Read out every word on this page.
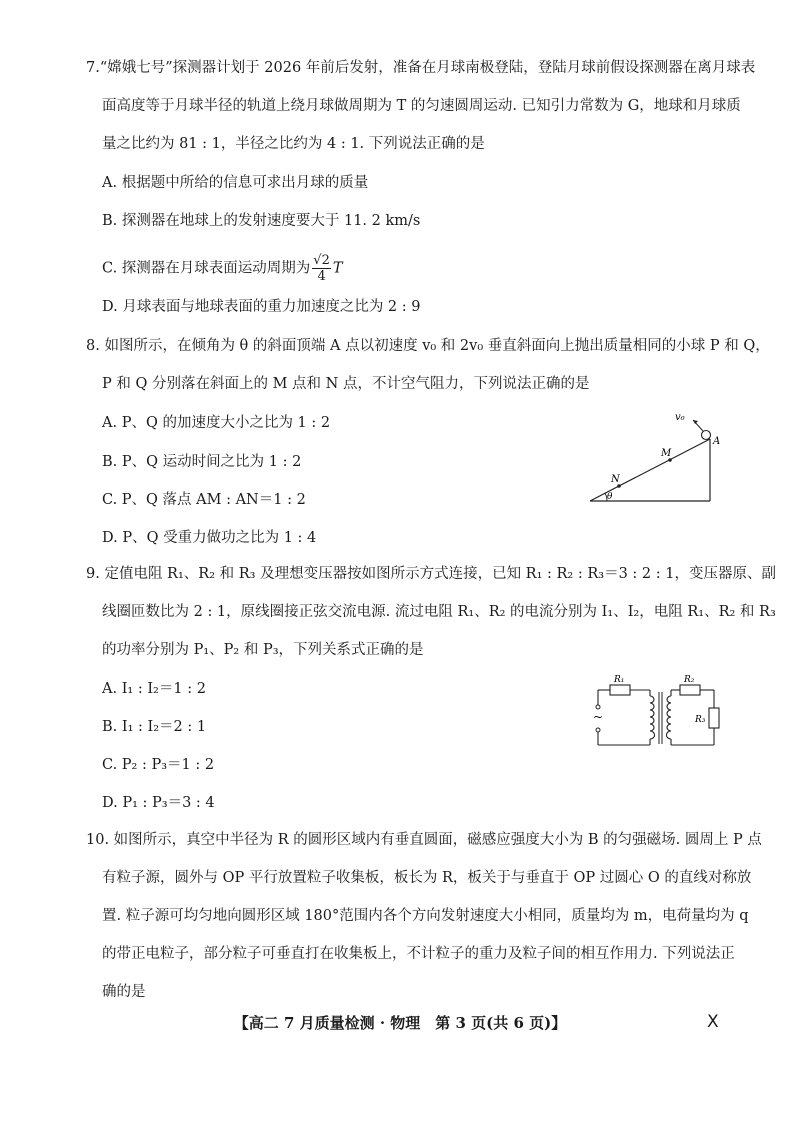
7.“嫦娥七号”探测器计划于 2026 年前后发射，准备在月球南极登陆，登陆月球前假设探测器在离月球表
面高度等于月球半径的轨道上绕月球做周期为 T 的匀速圆周运动. 已知引力常数为 G，地球和月球质
量之比约为 81 : 1，半径之比约为 4 : 1. 下列说法正确的是
A. 根据题中所给的信息可求出月球的质量
B. 探测器在地球上的发射速度要大于 11. 2 km/s
C. 探测器在月球表面运动周期为 $\frac{√2}{4}$ T
D. 月球表面与地球表面的重力加速度之比为 2 : 9
8. 如图所示，在倾角为 θ 的斜面顶端 A 点以初速度 v₀ 和 2v₀ 垂直斜面向上抛出质量相同的小球 P 和 Q，
P 和 Q 分别落在斜面上的 M 点和 N 点，不计空气阻力，下列说法正确的是
A. P、Q 的加速度大小之比为 1 : 2
B. P、Q 运动时间之比为 1 : 2
C. P、Q 落点 AM : AN＝1 : 2
D. P、Q 受重力做功之比为 1 : 4
v₀
A
M
N
θ
9. 定值电阻 R₁、R₂ 和 R₃ 及理想变压器按如图所示方式连接，已知 R₁ : R₂ : R₃＝3 : 2 : 1，变压器原、副
线圈匝数比为 2 : 1，原线圈接正弦交流电源. 流过电阻 R₁、R₂ 的电流分别为 I₁、I₂，电阻 R₁、R₂ 和 R₃
的功率分别为 P₁、P₂ 和 P₃，下列关系式正确的是
A. I₁ : I₂＝1 : 2
B. I₁ : I₂＝2 : 1
C. P₂ : P₃＝1 : 2
D. P₁ : P₃＝3 : 4
~
R₁	R₂
R₃
10. 如图所示，真空中半径为 R 的圆形区域内有垂直圆面，磁感应强度大小为 B 的匀强磁场. 圆周上 P 点
有粒子源，圆外与 OP 平行放置粒子收集板，板长为 R，板关于与垂直于 OP 过圆心 O 的直线对称放
置. 粒子源可均匀地向圆形区域 180°范围内各个方向发射速度大小相同，质量均为 m，电荷量均为 q
的带正电粒子，部分粒子可垂直打在收集板上，不计粒子的重力及粒子间的相互作用力. 下列说法正
确的是
【高二 7 月质量检测 · 物理　第 3 页(共 6 页)】	X
